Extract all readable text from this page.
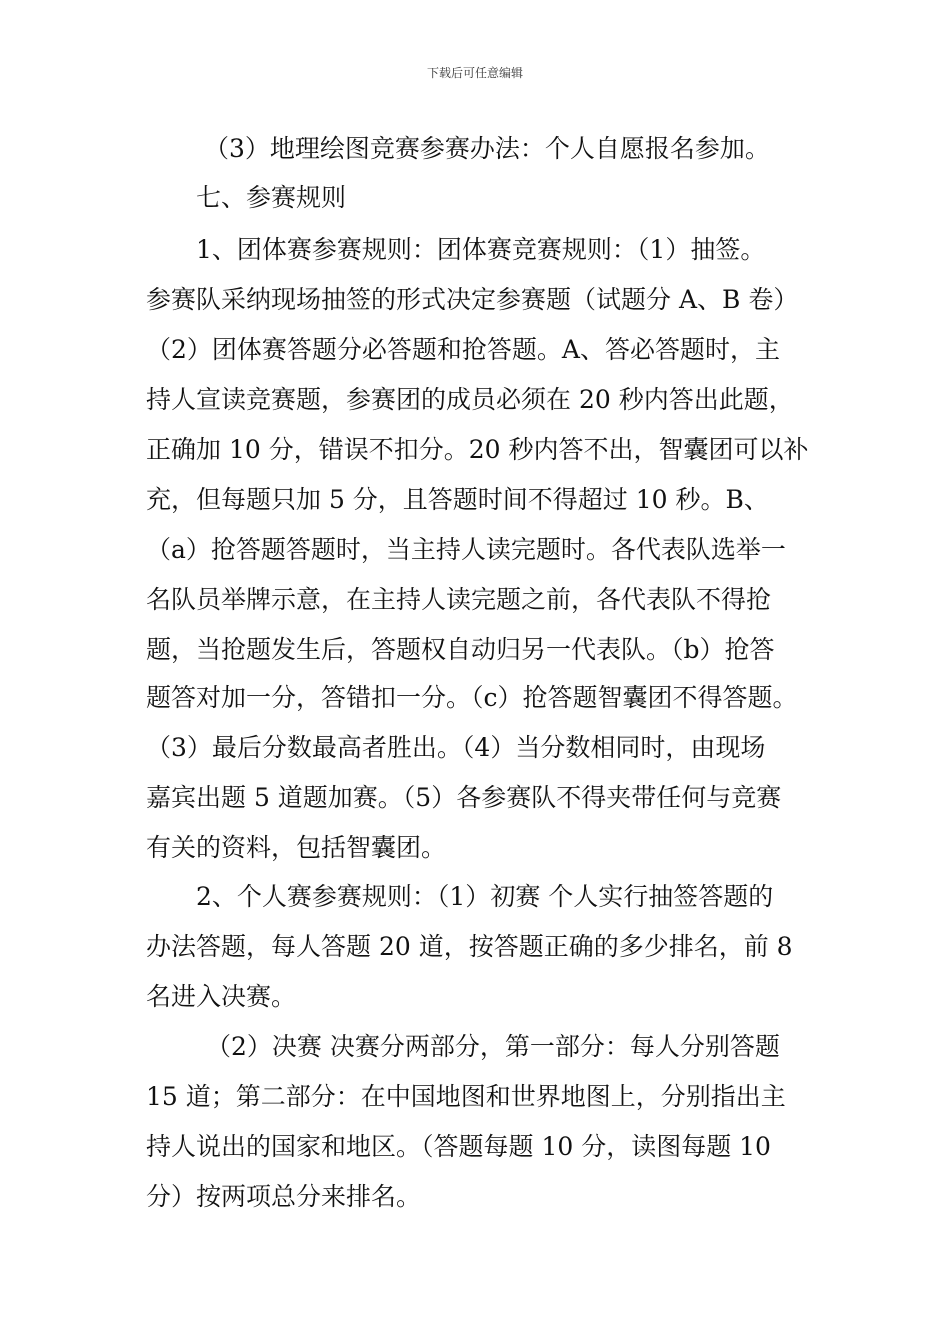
下载后可任意编辑
（3）地理绘图竞赛参赛办法：个人自愿报名参加。
七、参赛规则
1、团体赛参赛规则：团体赛竞赛规则：（1）抽签。
参赛队采纳现场抽签的形式决定参赛题（试题分 A、B 卷）
（2）团体赛答题分必答题和抢答题。A、答必答题时，主
持人宣读竞赛题，参赛团的成员必须在 20 秒内答出此题，
正确加 10 分，错误不扣分。20 秒内答不出，智囊团可以补
充，但每题只加 5 分，且答题时间不得超过 10 秒。B、
（a）抢答题答题时，当主持人读完题时。各代表队选举一
名队员举牌示意，在主持人读完题之前，各代表队不得抢
题，当抢题发生后，答题权自动归另一代表队。（b）抢答
题答对加一分，答错扣一分。（c）抢答题智囊团不得答题。
（3）最后分数最高者胜出。（4）当分数相同时，由现场
嘉宾出题 5 道题加赛。（5）各参赛队不得夹带任何与竞赛
有关的资料，包括智囊团。
2、个人赛参赛规则：（1）初赛 个人实行抽签答题的
办法答题，每人答题 20 道，按答题正确的多少排名，前 8
名进入决赛。
（2）决赛 决赛分两部分，第一部分：每人分别答题
15 道；第二部分：在中国地图和世界地图上，分别指出主
持人说出的国家和地区。（答题每题 10 分，读图每题 10
分）按两项总分来排名。
